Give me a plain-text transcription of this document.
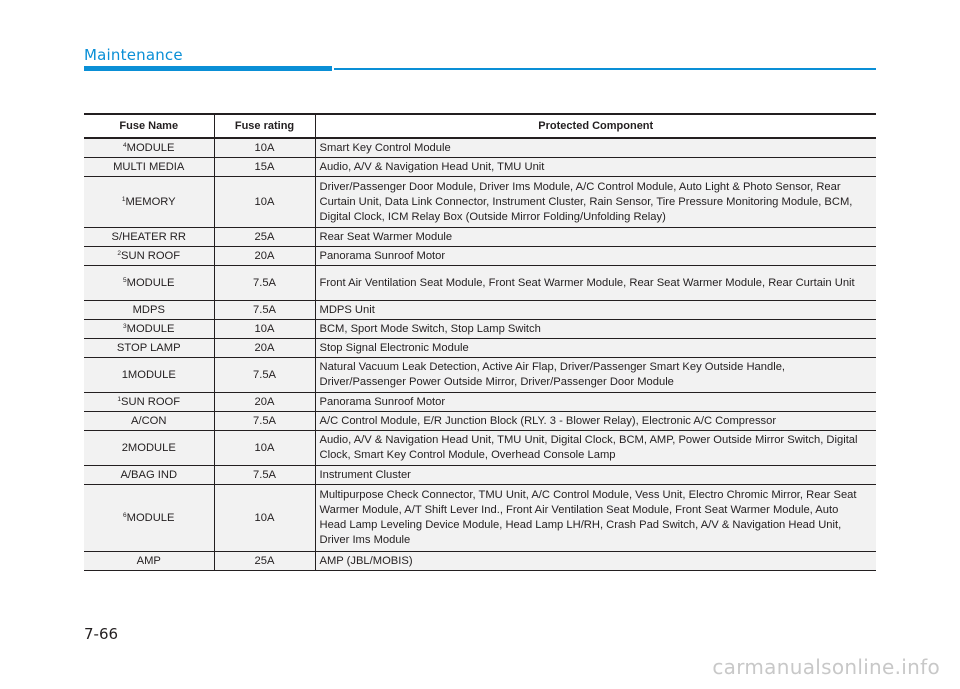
Maintenance
Fuse Name	Fuse rating	Protected Component
$^4$MODULE	10A	Smart Key Control Module
MULTI MEDIA	15A	Audio, A/V & Navigation Head Unit, TMU Unit
$^1$MEMORY	10A	Driver/Passenger Door Module, Driver Ims Module, A/C Control Module, Auto Light & Photo Sensor, Rear Curtain Unit, Data Link Connector, Instrument Cluster, Rain Sensor, Tire Pressure Monitoring Module, BCM, Digital Clock, ICM Relay Box (Outside Mirror Folding/Unfolding Relay)
S/HEATER RR	25A	Rear Seat Warmer Module
$^2$SUN ROOF	20A	Panorama Sunroof Motor
$^5$MODULE	7.5A	Front Air Ventilation Seat Module, Front Seat Warmer Module, Rear Seat Warmer Module, Rear Curtain Unit
MDPS	7.5A	MDPS Unit
$^3$MODULE	10A	BCM, Sport Mode Switch, Stop Lamp Switch
STOP LAMP	20A	Stop Signal Electronic Module
1MODULE	7.5A	Natural Vacuum Leak Detection, Active Air Flap, Driver/Passenger Smart Key Outside Handle, Driver/Passenger Power Outside Mirror, Driver/Passenger Door Module
$^1$SUN ROOF	20A	Panorama Sunroof Motor
A/CON	7.5A	A/C Control Module, E/R Junction Block (RLY. 3 - Blower Relay), Electronic A/C Compressor
2MODULE	10A	Audio, A/V & Navigation Head Unit, TMU Unit, Digital Clock, BCM, AMP, Power Outside Mirror Switch, Digital Clock, Smart Key Control Module, Overhead Console Lamp
A/BAG IND	7.5A	Instrument Cluster
$^6$MODULE	10A	Multipurpose Check Connector, TMU Unit, A/C Control Module, Vess Unit, Electro Chromic Mirror, Rear Seat Warmer Module, A/T Shift Lever Ind., Front Air Ventilation Seat Module, Front Seat Warmer Module, Auto Head Lamp Leveling Device Module, Head Lamp LH/RH, Crash Pad Switch, A/V & Navigation Head Unit, Driver Ims Module
AMP	25A	AMP (JBL/MOBIS)
7-66
carmanualsonline.info
